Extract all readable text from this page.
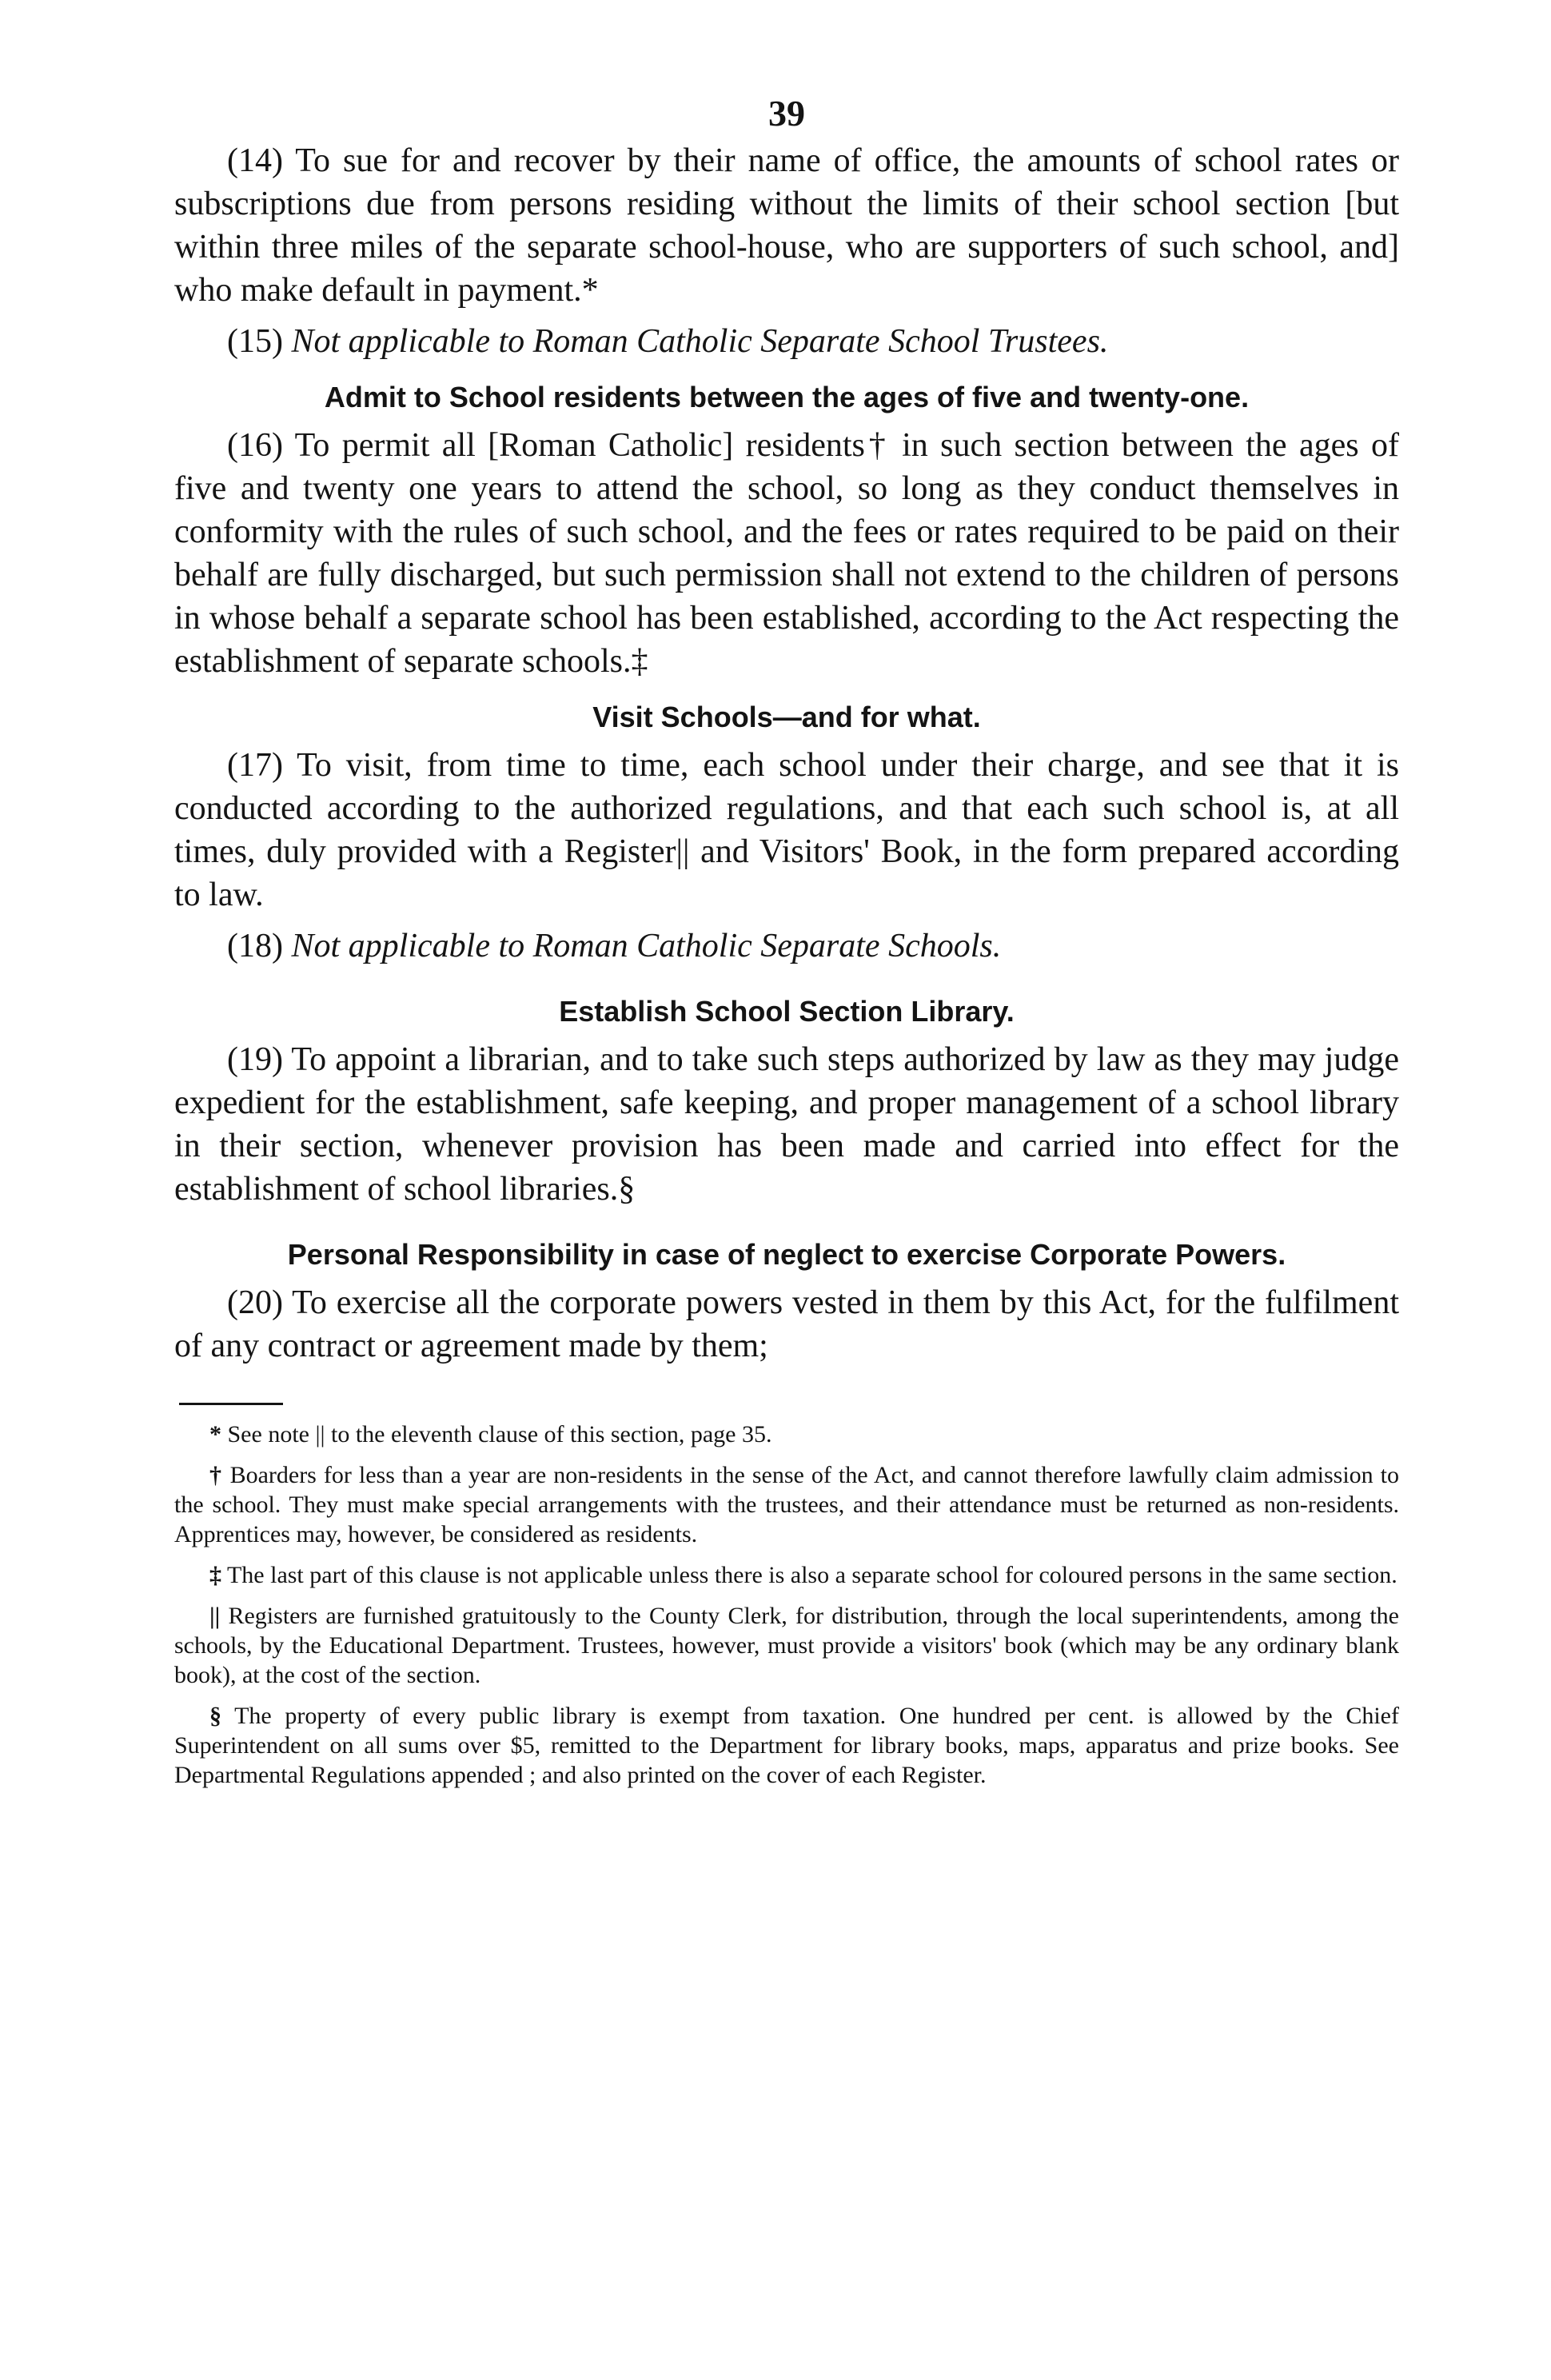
39

(14) To sue for and recover by their name of office, the amounts of school rates or subscriptions due from persons residing without the limits of their school section [but within three miles of the separate school-house, who are supporters of such school, and] who make default in payment.*

(15) Not applicable to Roman Catholic Separate School Trustees.

Admit to School residents between the ages of five and twenty-one.

(16) To permit all [Roman Catholic] residents† in such section between the ages of five and twenty one years to attend the school, so long as they conduct themselves in conformity with the rules of such school, and the fees or rates required to be paid on their behalf are fully discharged, but such permission shall not extend to the children of persons in whose behalf a separate school has been established, according to the Act respecting the establishment of separate schools.‡

Visit Schools—and for what.

(17) To visit, from time to time, each school under their charge, and see that it is conducted according to the authorized regulations, and that each such school is, at all times, duly provided with a Register|| and Visitors' Book, in the form prepared according to law.

(18) Not applicable to Roman Catholic Separate Schools.

Establish School Section Library.

(19) To appoint a librarian, and to take such steps authorized by law as they may judge expedient for the establishment, safe keeping, and proper management of a school library in their section, whenever provision has been made and carried into effect for the establishment of school libraries.§

Personal Responsibility in case of neglect to exercise Corporate Powers.

(20) To exercise all the corporate powers vested in them by this Act, for the fulfilment of any contract or agreement made by them;

* See note || to the eleventh clause of this section, page 35.

† Boarders for less than a year are non-residents in the sense of the Act, and cannot therefore lawfully claim admission to the school. They must make special arrangements with the trustees, and their attendance must be returned as non-residents. Apprentices may, however, be considered as residents.

‡ The last part of this clause is not applicable unless there is also a separate school for coloured persons in the same section.

|| Registers are furnished gratuitously to the County Clerk, for distribution, through the local superintendents, among the schools, by the Educational Department. Trustees, however, must provide a visitors' book (which may be any ordinary blank book), at the cost of the section.

§ The property of every public library is exempt from taxation. One hundred per cent. is allowed by the Chief Superintendent on all sums over $5, remitted to the Department for library books, maps, apparatus and prize books. See Departmental Regulations appended ; and also printed on the cover of each Register.
